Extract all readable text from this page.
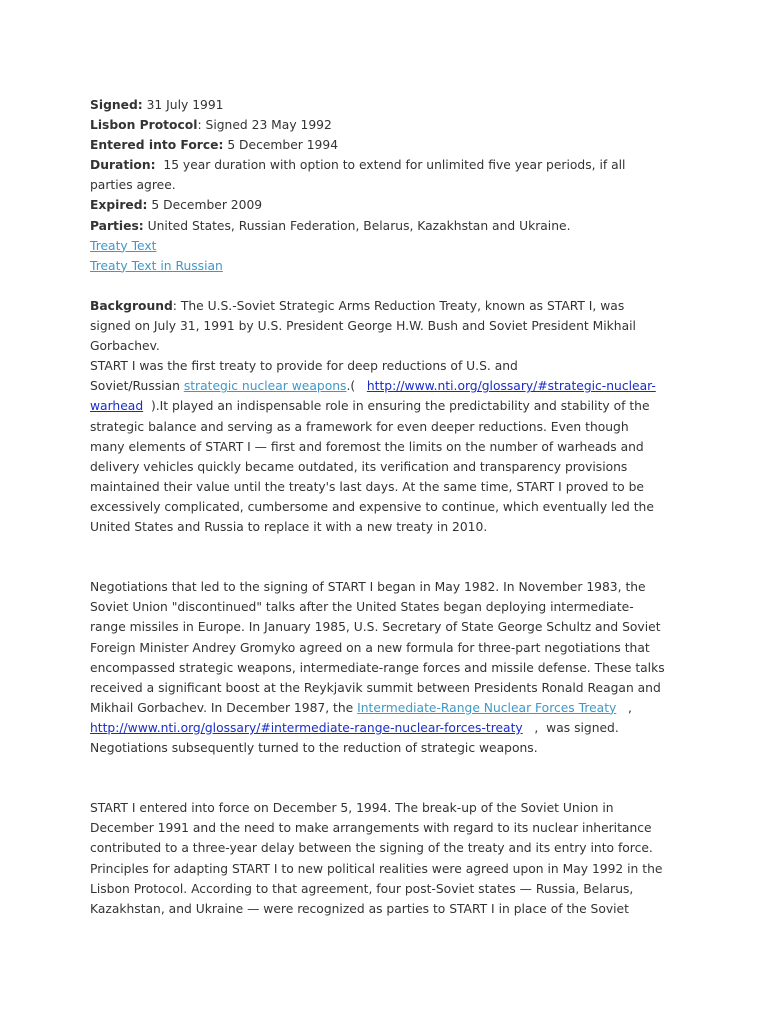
Signed: 31 July 1991
Lisbon Protocol: Signed 23 May 1992
Entered into Force: 5 December 1994
Duration:  15 year duration with option to extend for unlimited five year periods, if all
parties agree.
Expired: 5 December 2009
Parties: United States, Russian Federation, Belarus, Kazakhstan and Ukraine.
Treaty Text
Treaty Text in Russian
Background: The U.S.-Soviet Strategic Arms Reduction Treaty, known as START I, was
signed on July 31, 1991 by U.S. President George H.W. Bush and Soviet President Mikhail
Gorbachev.
START I was the first treaty to provide for deep reductions of U.S. and
Soviet/Russian strategic nuclear weapons.(   http://www.nti.org/glossary/#strategic-nuclear-
warhead  ).It played an indispensable role in ensuring the predictability and stability of the
strategic balance and serving as a framework for even deeper reductions. Even though
many elements of START I — first and foremost the limits on the number of warheads and
delivery vehicles quickly became outdated, its verification and transparency provisions
maintained their value until the treaty's last days. At the same time, START I proved to be
excessively complicated, cumbersome and expensive to continue, which eventually led the
United States and Russia to replace it with a new treaty in 2010.
Negotiations that led to the signing of START I began in May 1982. In November 1983, the
Soviet Union "discontinued" talks after the United States began deploying intermediate-
range missiles in Europe. In January 1985, U.S. Secretary of State George Schultz and Soviet
Foreign Minister Andrey Gromyko agreed on a new formula for three-part negotiations that
encompassed strategic weapons, intermediate-range forces and missile defense. These talks
received a significant boost at the Reykjavik summit between Presidents Ronald Reagan and
Mikhail Gorbachev. In December 1987, the Intermediate-Range Nuclear Forces Treaty   ,
http://www.nti.org/glossary/#intermediate-range-nuclear-forces-treaty   ,  was signed.
Negotiations subsequently turned to the reduction of strategic weapons.
START I entered into force on December 5, 1994. The break-up of the Soviet Union in
December 1991 and the need to make arrangements with regard to its nuclear inheritance
contributed to a three-year delay between the signing of the treaty and its entry into force.
Principles for adapting START I to new political realities were agreed upon in May 1992 in the
Lisbon Protocol. According to that agreement, four post-Soviet states — Russia, Belarus,
Kazakhstan, and Ukraine — were recognized as parties to START I in place of the Soviet
